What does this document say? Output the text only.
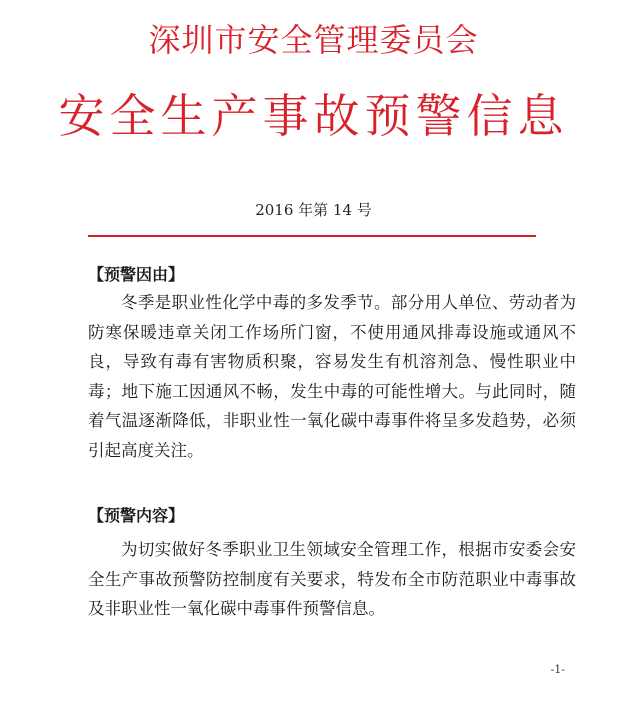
深圳市安全管理委员会
安全生产事故预警信息
2016 年第 14 号
【预警因由】
冬季是职业性化学中毒的多发季节。部分用人单位、劳动者为防寒保暖违章关闭工作场所门窗，不使用通风排毒设施或通风不良，导致有毒有害物质积聚，容易发生有机溶剂急、慢性职业中毒；地下施工因通风不畅，发生中毒的可能性增大。与此同时，随着气温逐渐降低，非职业性一氧化碳中毒事件将呈多发趋势，必须引起高度关注。
【预警内容】
为切实做好冬季职业卫生领域安全管理工作，根据市安委会安全生产事故预警防控制度有关要求，特发布全市防范职业中毒事故及非职业性一氧化碳中毒事件预警信息。
-1-
